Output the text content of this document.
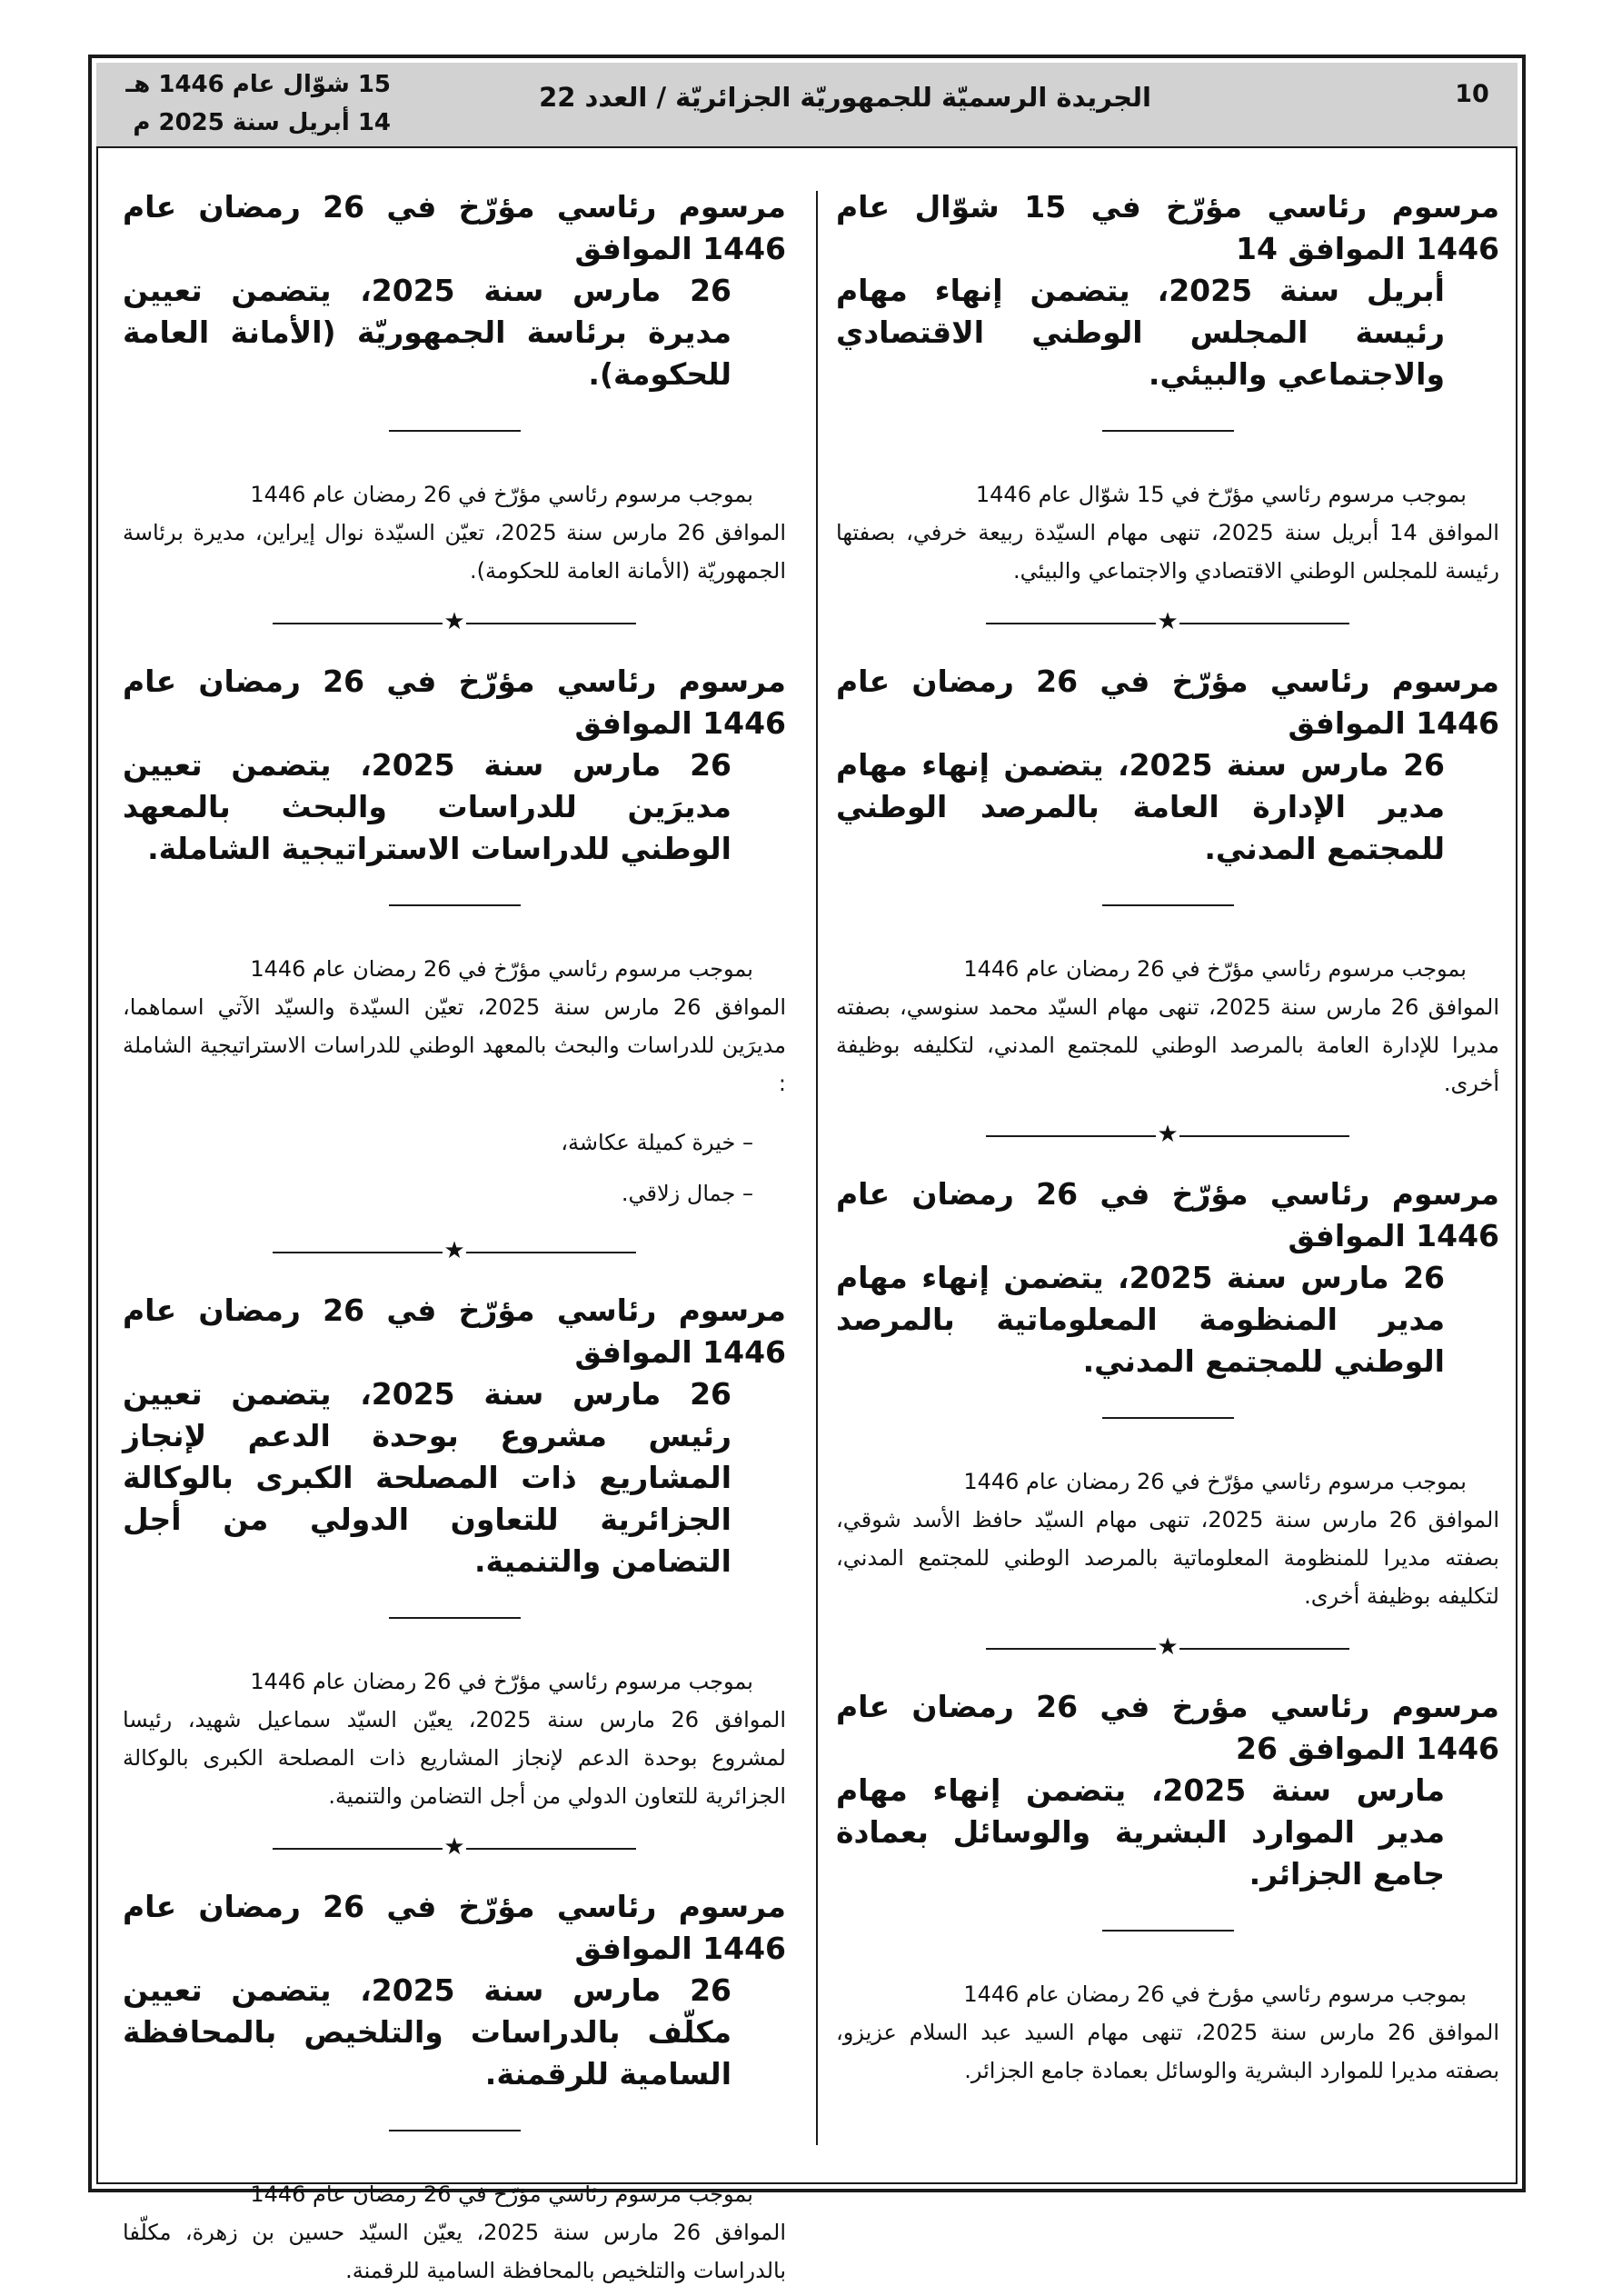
10
الجريدة الرسميّة للجمهوريّة الجزائريّة / العدد 22
15 شوّال عام 1446 هـ
14 أبريل سنة 2025 م

مرسوم رئاسي مؤرّخ في 15 شوّال عام 1446 الموافق 14
أبريل سنة 2025، يتضمن إنهاء مهام رئيسة المجلس الوطني الاقتصادي والاجتماعي والبيئي.

بموجب مرسوم رئاسي مؤرّخ في 15 شوّال عام 1446
الموافق 14 أبريل سنة 2025، تنهى مهام السيّدة ربيعة خرفي، بصفتها رئيسة للمجلس الوطني الاقتصادي والاجتماعي والبيئي.

★

مرسوم رئاسي مؤرّخ في 26 رمضان عام 1446 الموافق
26 مارس سنة 2025، يتضمن إنهاء مهام مدير الإدارة العامة بالمرصد الوطني للمجتمع المدني.

بموجب مرسوم رئاسي مؤرّخ في 26 رمضان عام 1446
الموافق 26 مارس سنة 2025، تنهى مهام السيّد محمد سنوسي، بصفته مديرا للإدارة العامة بالمرصد الوطني للمجتمع المدني، لتكليفه بوظيفة أخرى.

★

مرسوم رئاسي مؤرّخ في 26 رمضان عام 1446 الموافق
26 مارس سنة 2025، يتضمن إنهاء مهام مدير المنظومة المعلوماتية بالمرصد الوطني للمجتمع المدني.

بموجب مرسوم رئاسي مؤرّخ في 26 رمضان عام 1446
الموافق 26 مارس سنة 2025، تنهى مهام السيّد حافظ الأسد شوقي، بصفته مديرا للمنظومة المعلوماتية بالمرصد الوطني للمجتمع المدني، لتكليفه بوظيفة أخرى.

★

مرسوم رئاسي مؤرخ في 26 رمضان عام 1446 الموافق 26
مارس سنة 2025، يتضمن إنهاء مهام مدير الموارد البشرية والوسائل بعمادة جامع الجزائر.

بموجب مرسوم رئاسي مؤرخ في 26 رمضان عام 1446
الموافق 26 مارس سنة 2025، تنهى مهام السيد عبد السلام عزيزو، بصفته مديرا للموارد البشرية والوسائل بعمادة جامع الجزائر.

مرسوم رئاسي مؤرّخ في 26 رمضان عام 1446 الموافق
26 مارس سنة 2025، يتضمن تعيين مديرة برئاسة الجمهوريّة (الأمانة العامة للحكومة).

بموجب مرسوم رئاسي مؤرّخ في 26 رمضان عام 1446
الموافق 26 مارس سنة 2025، تعيّن السيّدة نوال إيراين، مديرة برئاسة الجمهوريّة (الأمانة العامة للحكومة).

★

مرسوم رئاسي مؤرّخ في 26 رمضان عام 1446 الموافق
26 مارس سنة 2025، يتضمن تعيين مديرَين للدراسات والبحث بالمعهد الوطني للدراسات الاستراتيجية الشاملة.

بموجب مرسوم رئاسي مؤرّخ في 26 رمضان عام 1446
الموافق 26 مارس سنة 2025، تعيّن السيّدة والسيّد الآتي اسماهما، مديرَين للدراسات والبحث بالمعهد الوطني للدراسات الاستراتيجية الشاملة :

– خيرة كميلة عكاشة،
– جمال زلاقي.
★

مرسوم رئاسي مؤرّخ في 26 رمضان عام 1446 الموافق
26 مارس سنة 2025، يتضمن تعيين رئيس مشروع بوحدة الدعم لإنجاز المشاريع ذات المصلحة الكبرى بالوكالة الجزائرية للتعاون الدولي من أجل التضامن والتنمية.

بموجب مرسوم رئاسي مؤرّخ في 26 رمضان عام 1446
الموافق 26 مارس سنة 2025، يعيّن السيّد سماعيل شهيد، رئيسا لمشروع بوحدة الدعم لإنجاز المشاريع ذات المصلحة الكبرى بالوكالة الجزائرية للتعاون الدولي من أجل التضامن والتنمية.

★

مرسوم رئاسي مؤرّخ في 26 رمضان عام 1446 الموافق
26 مارس سنة 2025، يتضمن تعيين مكلّف بالدراسات والتلخيص بالمحافظة السامية للرقمنة.

بموجب مرسوم رئاسي مؤرّخ في 26 رمضان عام 1446
الموافق 26 مارس سنة 2025، يعيّن السيّد حسين بن زهرة، مكلّفا بالدراسات والتلخيص بالمحافظة السامية للرقمنة.
